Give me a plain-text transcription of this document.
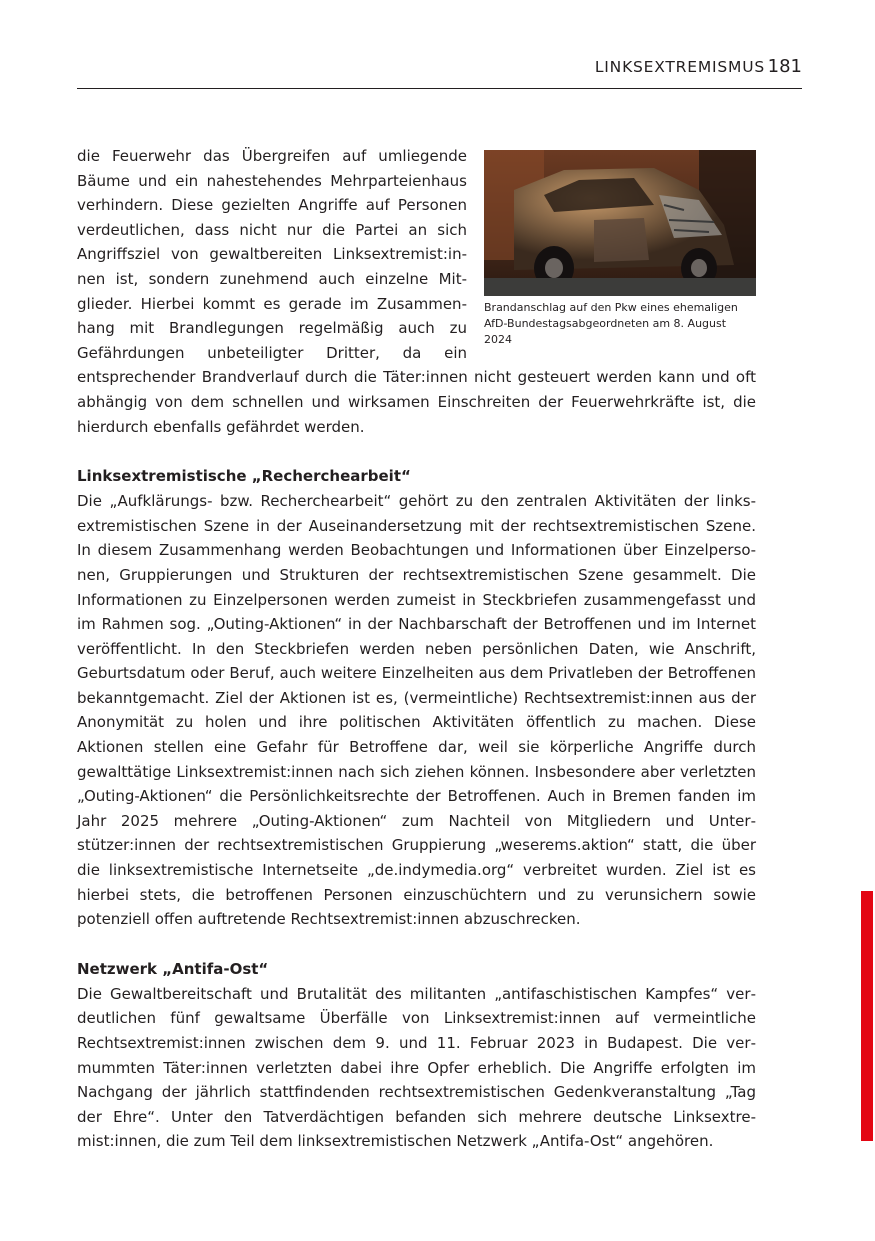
LINKSEXTREMISMUS 181
Brandanschlag auf den Pkw eines ehemaligen
AfD-Bundestagsabgeordneten am 8. August 2024

die Feuerwehr das Übergreifen auf umliegende Bäume und ein nahestehendes Mehrparteienhaus verhindern. Diese gezielten Angriffe auf Personen verdeutlichen, dass nicht nur die Partei an sich Angriffsziel von gewaltbereiten Linksextremist:innen ist, sondern zunehmend auch einzelne Mitglieder. Hierbei kommt es gerade im Zusammenhang mit Brandlegungen regelmäßig auch zu Gefährdungen unbeteiligter Dritter, da ein entsprechender Brandverlauf durch die Täter:innen nicht gesteuert werden kann und oft abhängig von dem schnellen und wirksamen Einschreiten der Feuerwehrkräfte ist, die hierdurch ebenfalls gefährdet werden.

Linksextremistische „Recherchearbeit“

Die „Aufklärungs- bzw. Recherchearbeit“ gehört zu den zentralen Aktivitäten der linksextremistischen Szene in der Auseinandersetzung mit der rechtsextremistischen Szene. In diesem Zusammenhang werden Beobachtungen und Informationen über Einzelpersonen, Gruppierungen und Strukturen der rechtsextremistischen Szene gesammelt. Die Informationen zu Einzelpersonen werden zumeist in Steckbriefen zusammengefasst und im Rahmen sog. „Outing-Aktionen“ in der Nachbarschaft der Betroffenen und im Internet veröffentlicht. In den Steckbriefen werden neben persönlichen Daten, wie Anschrift, Geburtsdatum oder Beruf, auch weitere Einzelheiten aus dem Privatleben der Betroffenen bekanntgemacht. Ziel der Aktionen ist es, (vermeintliche) Rechtsextremist:innen aus der Anonymität zu holen und ihre politischen Aktivitäten öffentlich zu machen. Diese Aktionen stellen eine Gefahr für Betroffene dar, weil sie körperliche Angriffe durch gewalttätige Linksextremist:innen nach sich ziehen können. Insbesondere aber verletzten „Outing-Aktionen“ die Persönlichkeitsrechte der Betroffenen. Auch in Bremen fanden im Jahr 2025 mehrere „Outing-Aktionen“ zum Nachteil von Mitgliedern und Unterstützer:innen der rechtsextremistischen Gruppierung „weserems.aktion“ statt, die über die linksextremistische Internetseite „de.indymedia.org“ verbreitet wurden. Ziel ist es hierbei stets, die betroffenen Personen einzuschüchtern und zu verunsichern sowie potenziell offen auftretende Rechtsextremist:innen abzuschrecken.

Netzwerk „Antifa-Ost“

Die Gewaltbereitschaft und Brutalität des militanten „antifaschistischen Kampfes“ verdeutlichen fünf gewaltsame Überfälle von Linksextremist:innen auf vermeintliche Rechtsextremist:innen zwischen dem 9. und 11. Februar 2023 in Budapest. Die vermummten Täter:innen verletzten dabei ihre Opfer erheblich. Die Angriffe erfolgten im Nachgang der jährlich stattfindenden rechtsextremistischen Gedenkveranstaltung „Tag der Ehre“. Unter den Tatverdächtigen befanden sich mehrere deutsche Linksextremist:innen, die zum Teil dem linksextremistischen Netzwerk „Antifa-Ost“ angehören.
